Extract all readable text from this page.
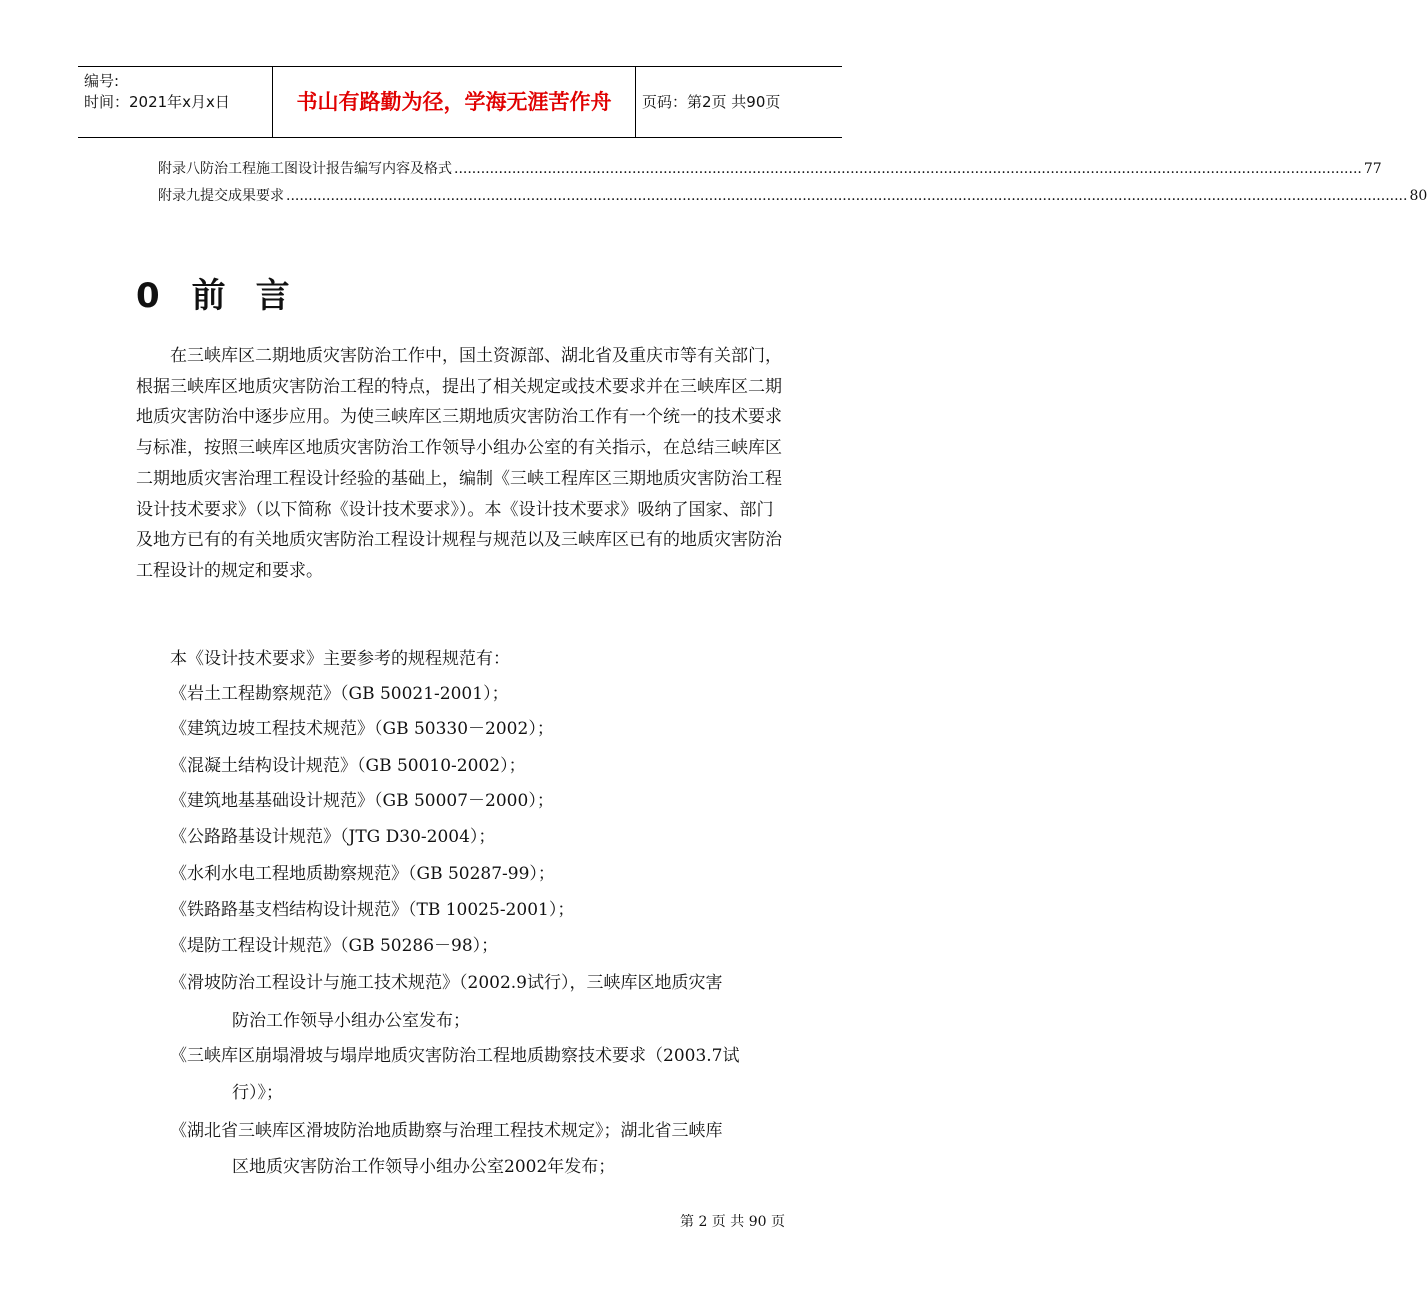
编号:
时间：2021年x月x日	书山有路勤为径，学海无涯苦作舟	页码：第2页 共90页
附录八 防治工程施工图设计报告编写内容及格式 ............................................................................................................................................................................................................ 77
附录九 提交成果要求 ............................................................................................................................................................................................................................................................ 80
0 前 言

在三峡库区二期地质灾害防治工作中，国土资源部、湖北省及重庆市等有关部门，根据三峡库区地质灾害防治工程的特点，提出了相关规定或技术要求并在三峡库区二期地质灾害防治中逐步应用。为使三峡库区三期地质灾害防治工作有一个统一的技术要求与标准，按照三峡库区地质灾害防治工作领导小组办公室的有关指示，在总结三峡库区二期地质灾害治理工程设计经验的基础上，编制《三峡工程库区三期地质灾害防治工程设计技术要求》（以下简称《设计技术要求》）。本《设计技术要求》吸纳了国家、部门及地方已有的有关地质灾害防治工程设计规程与规范以及三峡库区已有的地质灾害防治工程设计的规定和要求。

本《设计技术要求》主要参考的规程规范有：
《岩土工程勘察规范》（GB 50021-2001）；
《建筑边坡工程技术规范》（GB 50330－2002）；
《混凝土结构设计规范》（GB 50010-2002）；
《建筑地基基础设计规范》（GB 50007－2000）；
《公路路基设计规范》（JTG D30-2004）；
《水利水电工程地质勘察规范》（GB 50287-99）；
《铁路路基支档结构设计规范》（TB 10025-2001）；
《堤防工程设计规范》（GB 50286－98）；
《滑坡防治工程设计与施工技术规范》（2002.9试行），三峡库区地质灾害
防治工作领导小组办公室发布；
《三峡库区崩塌滑坡与塌岸地质灾害防治工程地质勘察技术要求（2003.7试
行）》；
《湖北省三峡库区滑坡防治地质勘察与治理工程技术规定》；湖北省三峡库
区地质灾害防治工作领导小组办公室2002年发布；
第 2 页 共 90 页
